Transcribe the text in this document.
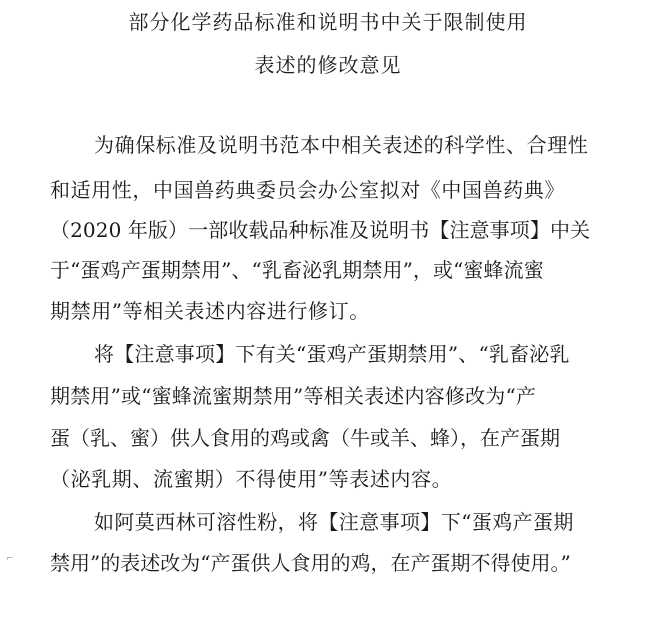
部分化学药品标准和说明书中关于限制使用
表述的修改意见
为确保标准及说明书范本中相关表述的科学性、合理性
和适用性，中国兽药典委员会办公室拟对《中国兽药典》
（2020 年版）一部收载品种标准及说明书【注意事项】中关
于“蛋鸡产蛋期禁用”、“乳畜泌乳期禁用”，或“蜜蜂流蜜
期禁用”等相关表述内容进行修订。
将【注意事项】下有关“蛋鸡产蛋期禁用”、“乳畜泌乳
期禁用”或“蜜蜂流蜜期禁用”等相关表述内容修改为“产
蛋（乳、蜜）供人食用的鸡或禽（牛或羊、蜂），在产蛋期
（泌乳期、流蜜期）不得使用”等表述内容。
如阿莫西林可溶性粉，将【注意事项】下“蛋鸡产蛋期
禁用”的表述改为“产蛋供人食用的鸡，在产蛋期不得使用。”
⌐
